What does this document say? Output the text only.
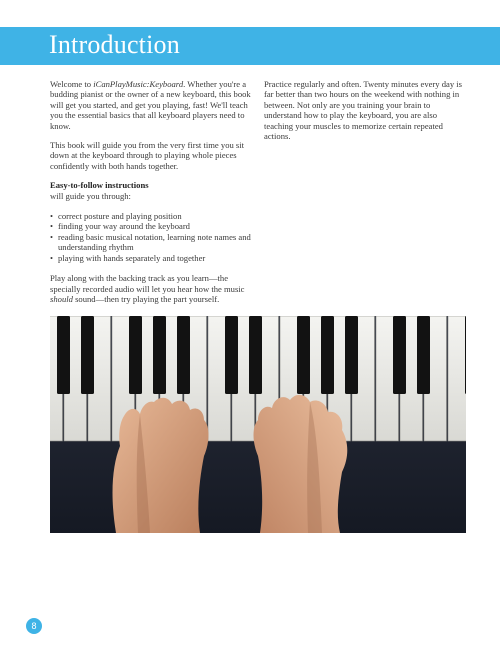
Introduction

Welcome to iCanPlayMusic:Keyboard. Whether you're a budding pianist or the owner of a new keyboard, this book will get you started, and get you playing, fast! We'll teach you the essential basics that all keyboard players need to know.

This book will guide you from the very first time you sit down at the keyboard through to playing whole pieces confidently with both hands together.

Easy-to-follow instructions
will guide you through:
• correct posture and playing position
• finding your way around the keyboard
• reading basic musical notation, learning note names and understanding rhythm
• playing with hands separately and together

Play along with the backing track as you learn—the specially recorded audio will let you hear how the music should sound—then try playing the part yourself.

Practice regularly and often. Twenty minutes every day is far better than two hours on the weekend with nothing in between. Not only are you training your brain to understand how to play the keyboard, you are also teaching your muscles to memorize certain repeated actions.

8
